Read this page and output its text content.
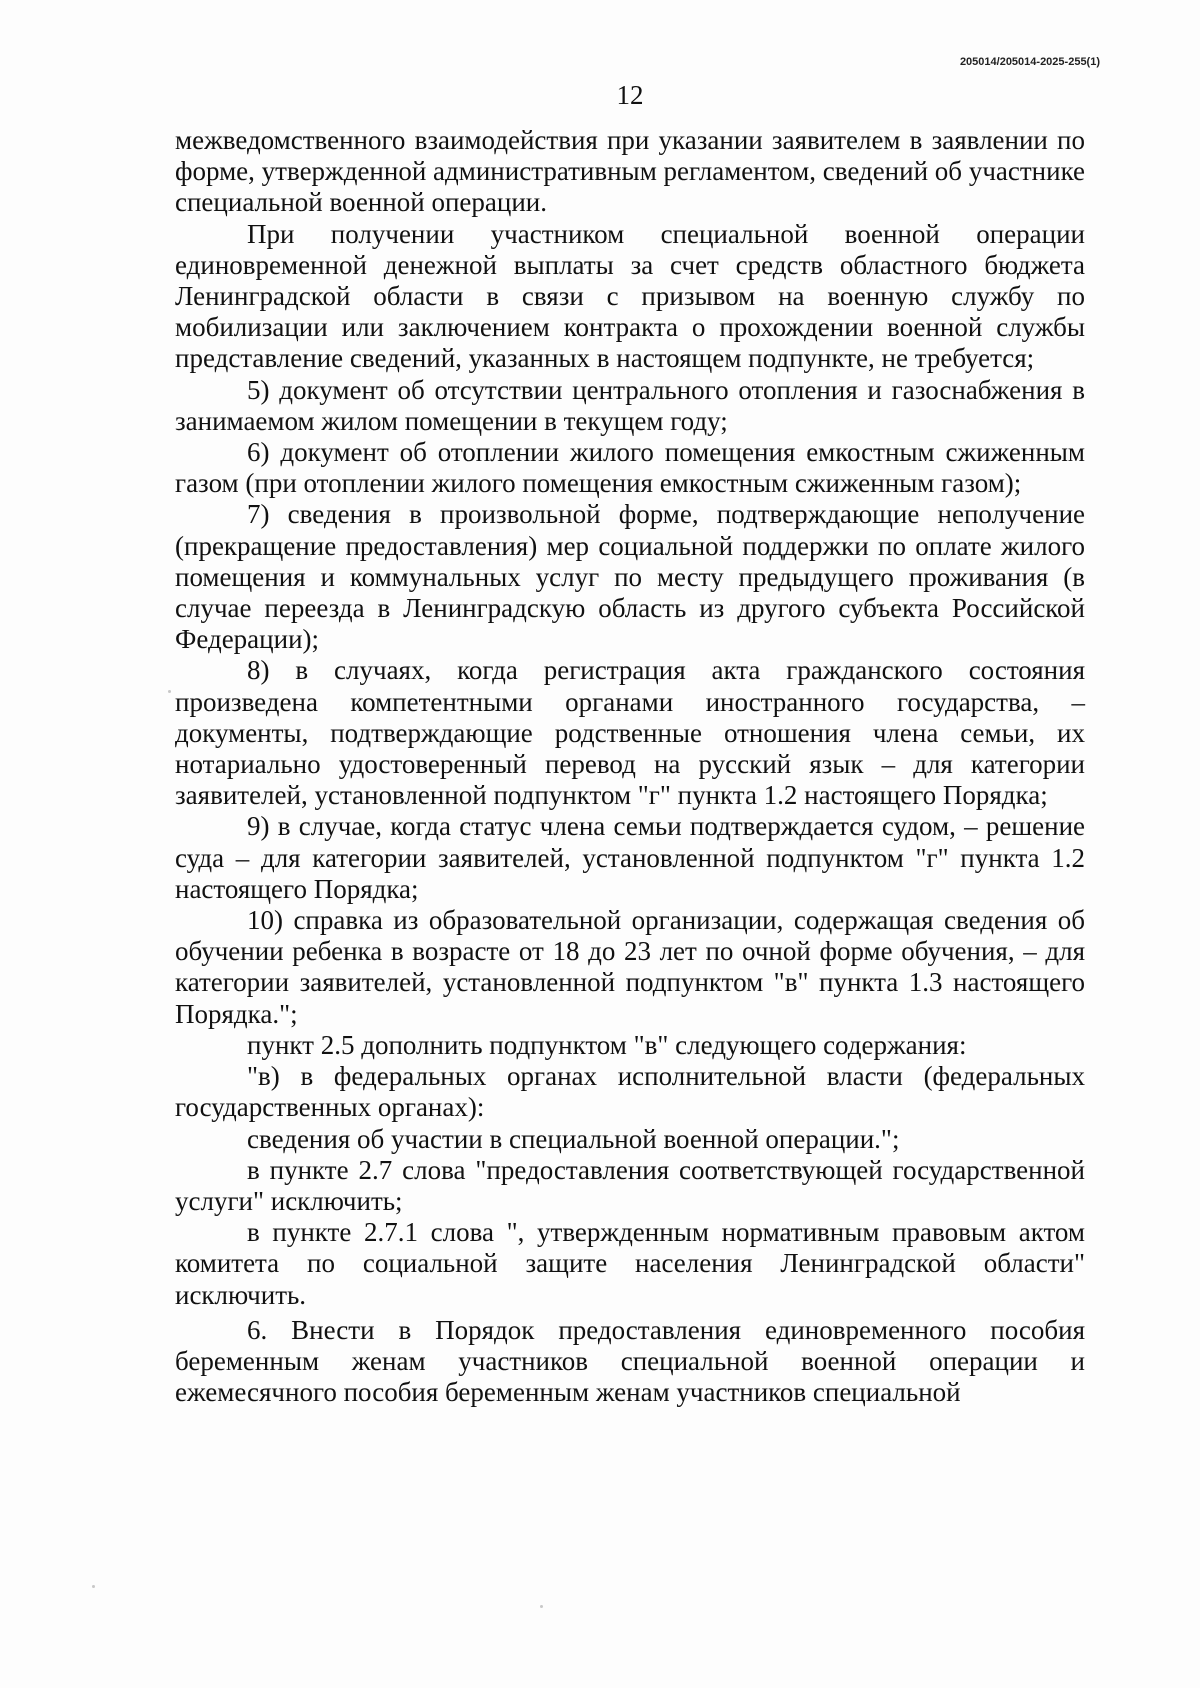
205014/205014-2025-255(1)
12

межведомственного взаимодействия при указании заявителем в заявлении по форме, утвержденной административным регламентом, сведений об участнике специальной военной операции.

При получении участником специальной военной операции единовременной денежной выплаты за счет средств областного бюджета Ленинградской области в связи с призывом на военную службу по мобилизации или заключением контракта о прохождении военной службы представление сведений, указанных в настоящем подпункте, не требуется;

5) документ об отсутствии центрального отопления и газоснабжения в занимаемом жилом помещении в текущем году;

6) документ об отоплении жилого помещения емкостным сжиженным газом (при отоплении жилого помещения емкостным сжиженным газом);

7) сведения в произвольной форме, подтверждающие неполучение (прекращение предоставления) мер социальной поддержки по оплате жилого помещения и коммунальных услуг по месту предыдущего проживания (в случае переезда в Ленинградскую область из другого субъекта Российской Федерации);

8) в случаях, когда регистрация акта гражданского состояния произведена компетентными органами иностранного государства, – документы, подтверждающие родственные отношения члена семьи, их нотариально удостоверенный перевод на русский язык – для категории заявителей, установленной подпунктом "г" пункта 1.2 настоящего Порядка;

9) в случае, когда статус члена семьи подтверждается судом, – решение суда – для категории заявителей, установленной подпунктом "г" пункта 1.2 настоящего Порядка;

10) справка из образовательной организации, содержащая сведения об обучении ребенка в возрасте от 18 до 23 лет по очной форме обучения, – для категории заявителей, установленной подпунктом "в" пункта 1.3 настоящего Порядка.";

пункт 2.5 дополнить подпунктом "в" следующего содержания:

"в) в федеральных органах исполнительной власти (федеральных государственных органах):

сведения об участии в специальной военной операции.";

в пункте 2.7 слова "предоставления соответствующей государственной услуги" исключить;

в пункте 2.7.1 слова ", утвержденным нормативным правовым актом комитета по социальной защите населения Ленинградской области" исключить.

6. Внести в Порядок предоставления единовременного пособия беременным женам участников специальной военной операции и ежемесячного пособия беременным женам участников специальной
